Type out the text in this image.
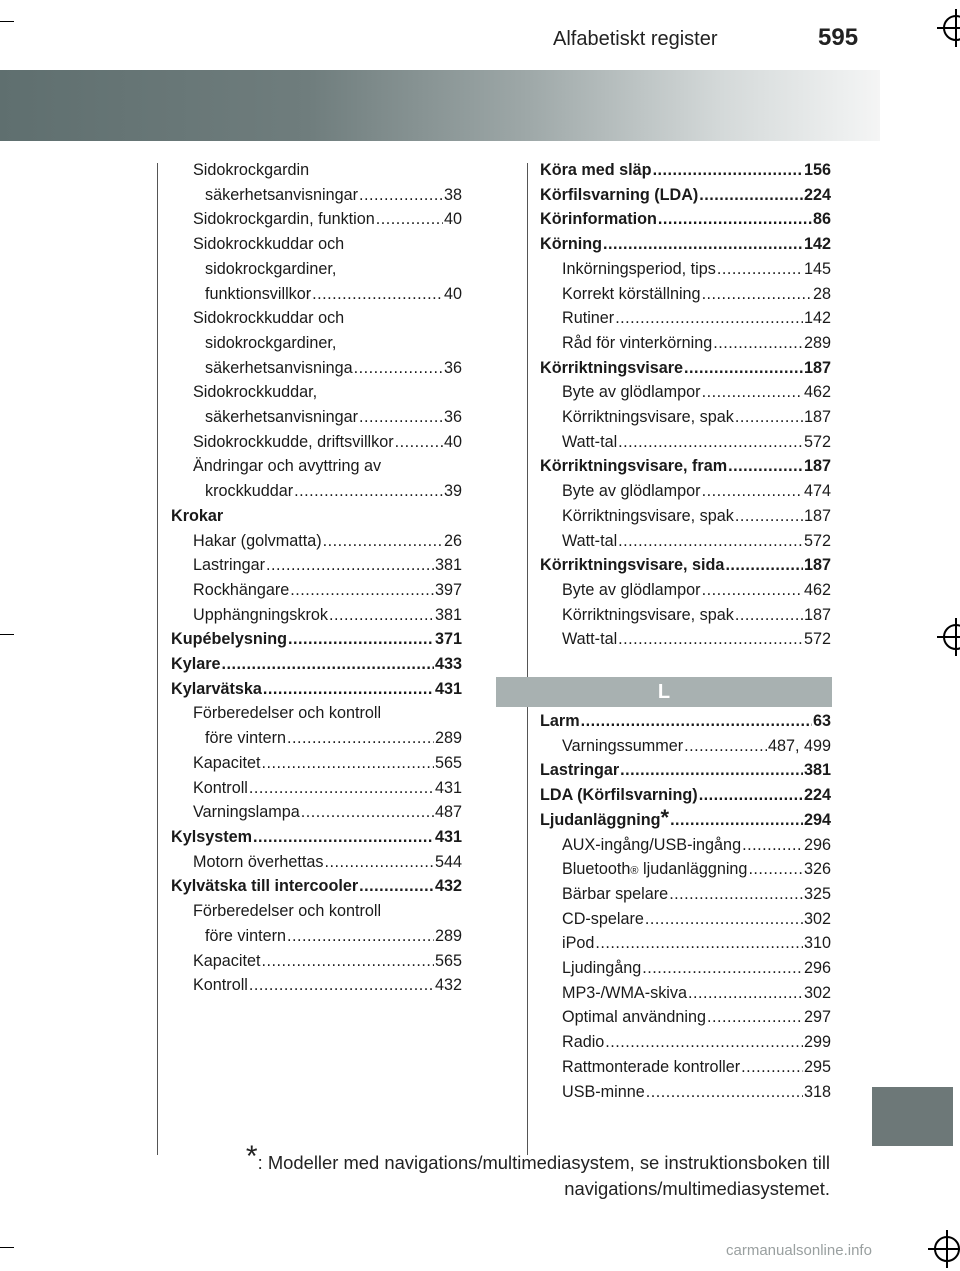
Alfabetiskt register	595
Sidokrockgardin
säkerhetsanvisningar .....	38
Sidokrockgardin, funktion .....	40
Sidokrockkuddar och
sidokrockgardiner,
funktionsvillkor .....	40
Sidokrockkuddar och
sidokrockgardiner,
säkerhetsanvisninga .....	36
Sidokrockkuddar,
säkerhetsanvisningar .....	36
Sidokrockkudde, driftsvillkor .....	40
Ändringar och avyttring av
krockkuddar .....	39
Krokar
Hakar (golvmatta) .....	26
Lastringar .....	381
Rockhängare .....	397
Upphängningskrok .....	381
Kupébelysning .....	371
Kylare .....	433
Kylarvätska .....	431
Förberedelser och kontroll
före vintern .....	289
Kapacitet .....	565
Kontroll .....	431
Varningslampa .....	487
Kylsystem .....	431
Motorn överhettas .....	544
Kylvätska till intercooler .....	432
Förberedelser och kontroll
före vintern .....	289
Kapacitet .....	565
Kontroll .....	432
Köra med släp .....	156
Körfilsvarning (LDA) .....	224
Körinformation .....	86
Körning .....	142
Inkörningsperiod, tips .....	145
Korrekt körställning .....	28
Rutiner .....	142
Råd för vinterkörning .....	289
Körriktningsvisare .....	187
Byte av glödlampor .....	462
Körriktningsvisare, spak .....	187
Watt-tal .....	572
Körriktningsvisare, fram .....	187
Byte av glödlampor .....	474
Körriktningsvisare, spak .....	187
Watt-tal .....	572
Körriktningsvisare, sida .....	187
Byte av glödlampor .....	462
Körriktningsvisare, spak .....	187
Watt-tal .....	572
L
Larm .....	63
Varningssummer .....	487, 499
Lastringar .....	381
LDA (Körfilsvarning) .....	224
Ljudanläggning * .....	294
AUX-ingång/USB-ingång .....	296
Bluetooth ® ljudanläggning .....	326
Bärbar spelare .....	325
CD-spelare .....	302
iPod .....	310
Ljudingång .....	296
MP3-/WMA-skiva .....	302
Optimal användning .....	297
Radio .....	299
Rattmonterade kontroller .....	295
USB-minne .....	318
*: Modeller med navigations/multimediasystem, se instruktionsboken till
navigations/multimediasystemet.
carmanualsonline.info
